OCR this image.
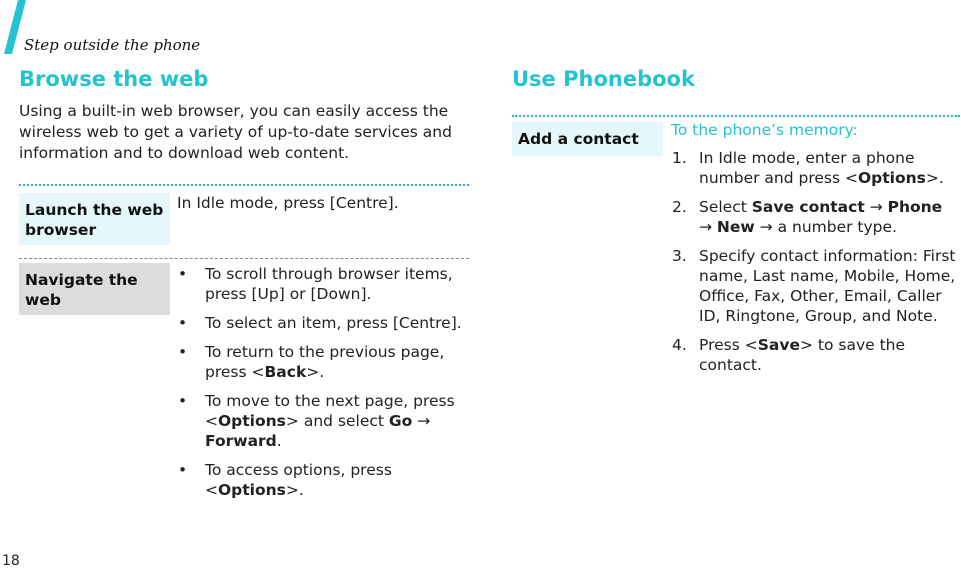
Step outside the phone
Browse the web
Using a built-in web browser, you can easily access the wireless web to get a variety of up-to-date services and information and to download web content.
Launch the web browser
In Idle mode, press [Centre].
Navigate the web
• To scroll through browser items, press [Up] or [Down].
• To select an item, press [Centre].
• To return to the previous page, press <Back>.
• To move to the next page, press <Options> and select Go → Forward.
• To access options, press <Options>.
Use Phonebook
Add a contact	To the phone’s memory:
1. In Idle mode, enter a phone number and press <Options>.
2. Select Save contact → Phone → New → a number type.
3. Specify contact information: First name, Last name, Mobile, Home, Office, Fax, Other, Email, Caller ID, Ringtone, Group, and Note.
4. Press <Save> to save the contact.
18
